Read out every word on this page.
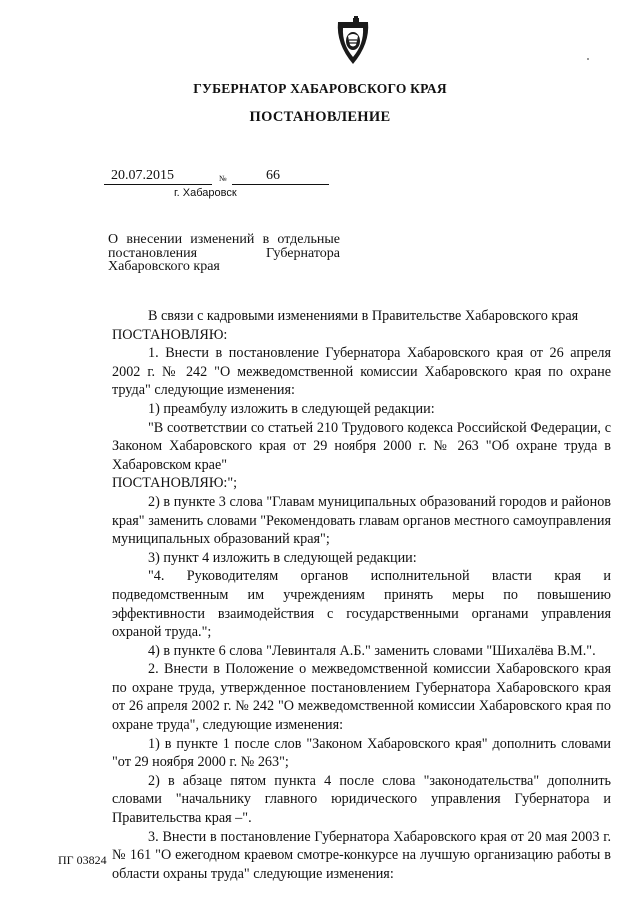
ГУБЕРНАТОР ХАБАРОВСКОГО КРАЯ
ПОСТАНОВЛЕНИЕ
20.07.2015	№	66
г. Хабаровск
О внесении изменений в отдельные постановления Губернатора Хабаровского края

В связи с кадровыми изменениями в Правительстве Хабаровского края

ПОСТАНОВЛЯЮ:

1. Внести в постановление Губернатора Хабаровского края от 26 апреля 2002 г. № 242 "О межведомственной комиссии Хабаровского края по охране труда" следующие изменения:

1) преамбулу изложить в следующей редакции:

"В соответствии со статьей 210 Трудового кодекса Российской Федерации, с Законом Хабаровского края от 29 ноября 2000 г. № 263 "Об охране труда в Хабаровском крае"

ПОСТАНОВЛЯЮ:";

2) в пункте 3 слова "Главам муниципальных образований городов и районов края" заменить словами "Рекомендовать главам органов местного самоуправления муниципальных образований края";

3) пункт 4 изложить в следующей редакции:

"4. Руководителям органов исполнительной власти края и подведомственным им учреждениям принять меры по повышению эффективности взаимодействия с государственными органами управления охраной труда.";

4) в пункте 6 слова "Левинталя А.Б." заменить словами "Шихалёва В.М.".

2. Внести в Положение о межведомственной комиссии Хабаровского края по охране труда, утвержденное постановлением Губернатора Хабаровского края от 26 апреля 2002 г. № 242 "О межведомственной комиссии Хабаровского края по охране труда", следующие изменения:

1) в пункте 1 после слов "Законом Хабаровского края" дополнить словами "от 29 ноября 2000 г. № 263";

2) в абзаце пятом пункта 4 после слова "законодательства" дополнить словами "начальнику главного юридического управления Губернатора и Правительства края –".

3. Внести в постановление Губернатора Хабаровского края от 20 мая 2003 г. № 161 "О ежегодном краевом смотре-конкурсе на лучшую организацию работы в области охраны труда" следующие изменения:

ПГ 03824
